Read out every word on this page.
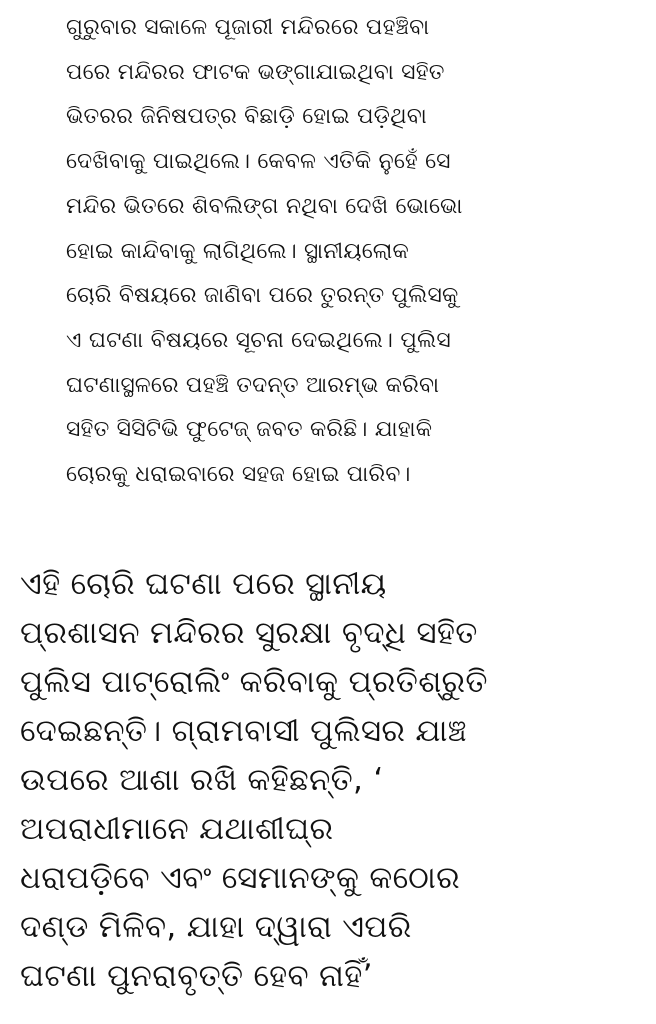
ଗୁରୁବାର ସକାଳେ ପୂଜାରୀ ମନ୍ଦିରରେ ପହଞ୍ଚିବା
ପରେ ମନ୍ଦିରର ଫାଟକ ଭଙ୍ଗାଯାଇଥିବା ସହିତ
ଭିତରର ଜିନିଷପତ୍ର ବିଛାଡ଼ି ହୋଇ ପଡ଼ିଥିବା
ଦେଖିବାକୁ ପାଇଥିଲେ। କେବଳ ଏତିକି ନୁହେଁ ସେ
ମନ୍ଦିର ଭିତରେ ଶିବଲିଙ୍ଗ ନଥିବା ଦେଖି ଭୋଭୋ
ହୋଇ କାନ୍ଦିବାକୁ ଲାଗିଥିଲେ। ସ୍ଥାନୀୟଲୋକ
ଚୋରି ବିଷୟରେ ଜାଣିବା ପରେ ତୁରନ୍ତ ପୁଲିସକୁ
ଏ ଘଟଣା ବିଷୟରେ ସୂଚନା ଦେଇଥିଲେ। ପୁଲିସ
ଘଟଣାସ୍ଥଳରେ ପହଞ୍ଚି ତଦନ୍ତ ଆରମ୍ଭ କରିବା
ସହିତ ସିସିଟିଭି ଫୁଟେଜ୍ ଜବତ କରିଛି। ଯାହାକି
ଚୋରକୁ ଧରାଇବାରେ ସହଜ ହୋଇ ପାରିବ।
ଏହି ଚୋରି ଘଟଣା ପରେ ସ୍ଥାନୀୟ
ପ୍ରଶାସନ ମନ୍ଦିରର ସୁରକ୍ଷା ବୃଦ୍ଧି ସହିତ
ପୁଲିସ ପାଟ୍ରୋଲିଂ କରିବାକୁ ପ୍ରତିଶ୍ରୁତି
ଦେଇଛନ୍ତି। ଗ୍ରାମବାସୀ ପୁଲିସର ଯାଞ୍ଚ
ଉପରେ ଆଶା ରଖି କହିଛନ୍ତି, ‘
ଅପରାଧୀମାନେ ଯଥାଶୀଘ୍ର
ଧରାପଡ଼ିବେ ଏବଂ ସେମାନଙ୍କୁ କଠୋର
ଦଣ୍ଡ ମିଳିବ, ଯାହା ଦ୍ୱାରା ଏପରି
ଘଟଣା ପୁନରାବୃତ୍ତି ହେବ ନାହିଁ’
